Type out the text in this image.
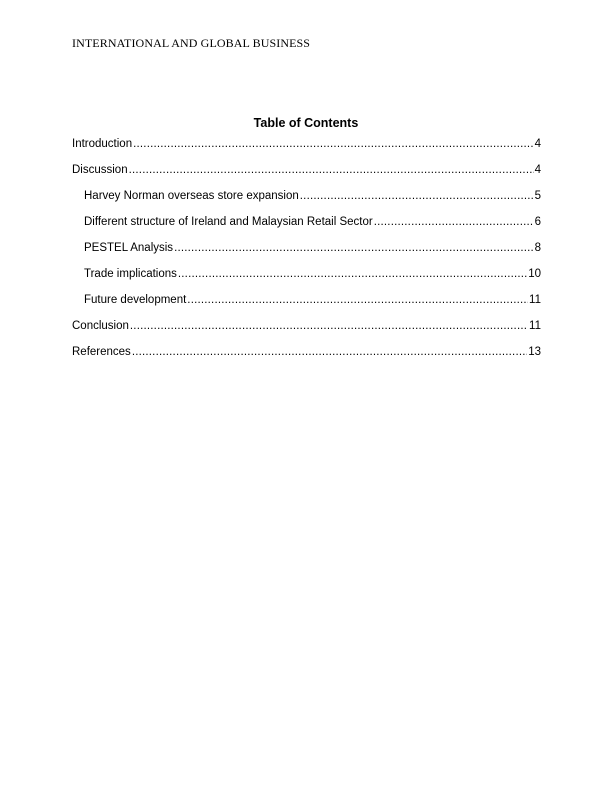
INTERNATIONAL AND GLOBAL BUSINESS
Table of Contents
Introduction .....	4
Discussion .....	4
Harvey Norman overseas store expansion .....	5
Different structure of Ireland and Malaysian Retail Sector .....	6
PESTEL Analysis .....	8
Trade implications .....	10
Future development .....	11
Conclusion .....	11
References .....	13
